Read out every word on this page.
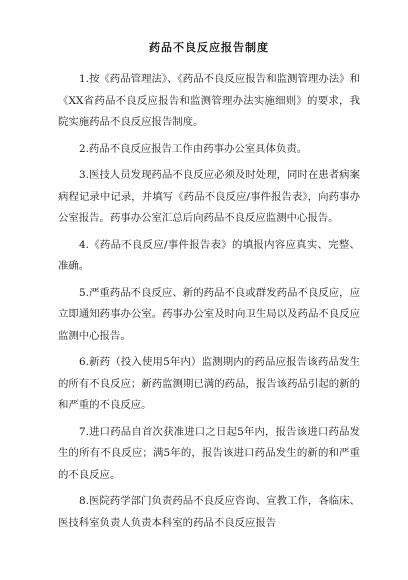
药品不良反应报告制度

1.按《药品管理法》、《药品不良反应报告和监测管理办法》和《XX省药品不良反应报告和监测管理办法实施细则》的要求，我院实施药品不良反应报告制度。

2.药品不良反应报告工作由药事办公室具体负责。

3.医技人员发现药品不良反应必须及时处理，同时在患者病案病程记录中记录，并填写《药品不良反应/事件报告表》，向药事办公室报告。药事办公室汇总后向药品不良反应监测中心报告。

4.《药品不良反应/事件报告表》的填报内容应真实、完整、准确。

5.严重药品不良反应、新的药品不良或群发药品不良反应，应立即通知药事办公室。药事办公室及时向卫生局以及药品不良反应监测中心报告。

6.新药（投入使用5年内）监测期内的药品应报告该药品发生的所有不良反应；新药监测期已满的药品，报告该药品引起的新的和严重的不良反应。

7.进口药品自首次获准进口之日起5年内，报告该进口药品发生的所有不良反应；满5年的，报告该进口药品发生的新的和严重的不良反应。

8.医院药学部门负责药品不良反应咨询、宣教工作，各临床、医技科室负责人负责本科室的药品不良反应报告
